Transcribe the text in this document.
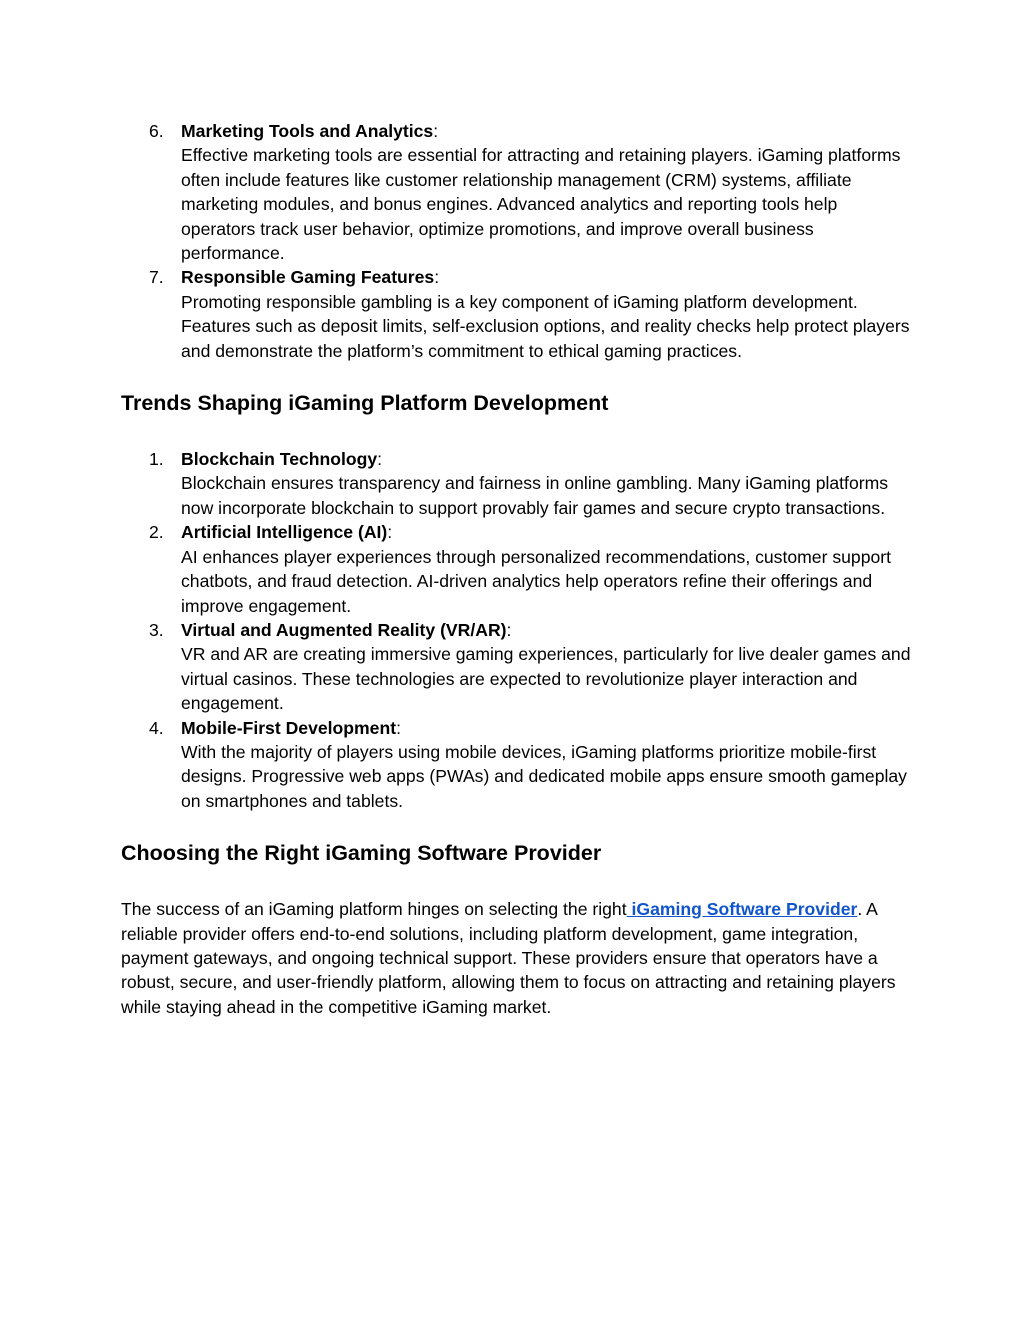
6. Marketing Tools and Analytics:
Effective marketing tools are essential for attracting and retaining players. iGaming platforms often include features like customer relationship management (CRM) systems, affiliate marketing modules, and bonus engines. Advanced analytics and reporting tools help operators track user behavior, optimize promotions, and improve overall business performance.
7. Responsible Gaming Features:
Promoting responsible gambling is a key component of iGaming platform development. Features such as deposit limits, self-exclusion options, and reality checks help protect players and demonstrate the platform’s commitment to ethical gaming practices.
Trends Shaping iGaming Platform Development
1. Blockchain Technology:
Blockchain ensures transparency and fairness in online gambling. Many iGaming platforms now incorporate blockchain to support provably fair games and secure crypto transactions.
2. Artificial Intelligence (AI):
AI enhances player experiences through personalized recommendations, customer support chatbots, and fraud detection. AI-driven analytics help operators refine their offerings and improve engagement.
3. Virtual and Augmented Reality (VR/AR):
VR and AR are creating immersive gaming experiences, particularly for live dealer games and virtual casinos. These technologies are expected to revolutionize player interaction and engagement.
4. Mobile-First Development:
With the majority of players using mobile devices, iGaming platforms prioritize mobile-first designs. Progressive web apps (PWAs) and dedicated mobile apps ensure smooth gameplay on smartphones and tablets.
Choosing the Right iGaming Software Provider

The success of an iGaming platform hinges on selecting the right iGaming Software Provider. A reliable provider offers end-to-end solutions, including platform development, game integration, payment gateways, and ongoing technical support. These providers ensure that operators have a robust, secure, and user-friendly platform, allowing them to focus on attracting and retaining players while staying ahead in the competitive iGaming market.
